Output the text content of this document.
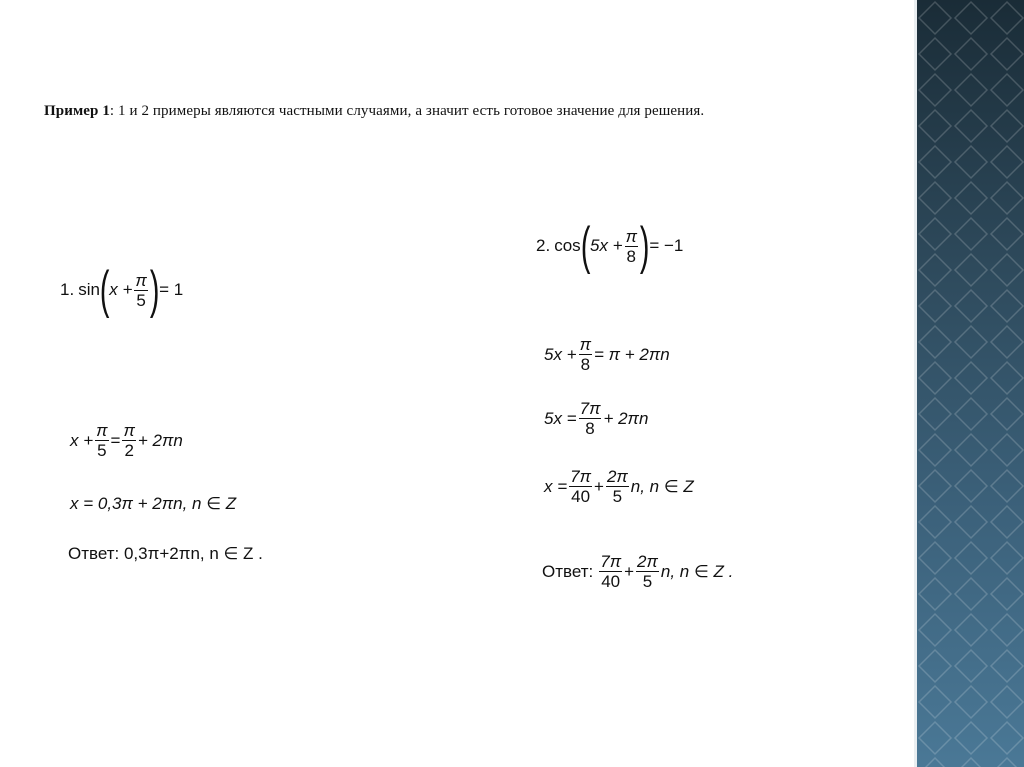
Пример 1: 1 и 2 примеры являются частными случаями, а значит есть готовое значение для решения.
1. sin ( $x + \frac{\pi}{5}$ ) = 1
$x + \frac{\pi}{5} = \frac{\pi}{2} + 2\pi n$
x = 0,3π + 2πn, n ∈ Z
Ответ: 0,3π+2πn, n ∈ Z .
2. cos ( $5x + \frac{\pi}{8}$ ) = −1
$5x + \frac{\pi}{8} = \pi + 2\pi n$
$5x = \frac{7\pi}{8} + 2\pi n$
$x = \frac{7\pi}{40} + \frac{2\pi}{5} n$, n ∈ Z
Ответ: $\frac{7\pi}{40} + \frac{2\pi}{5} n$, n ∈ Z .
